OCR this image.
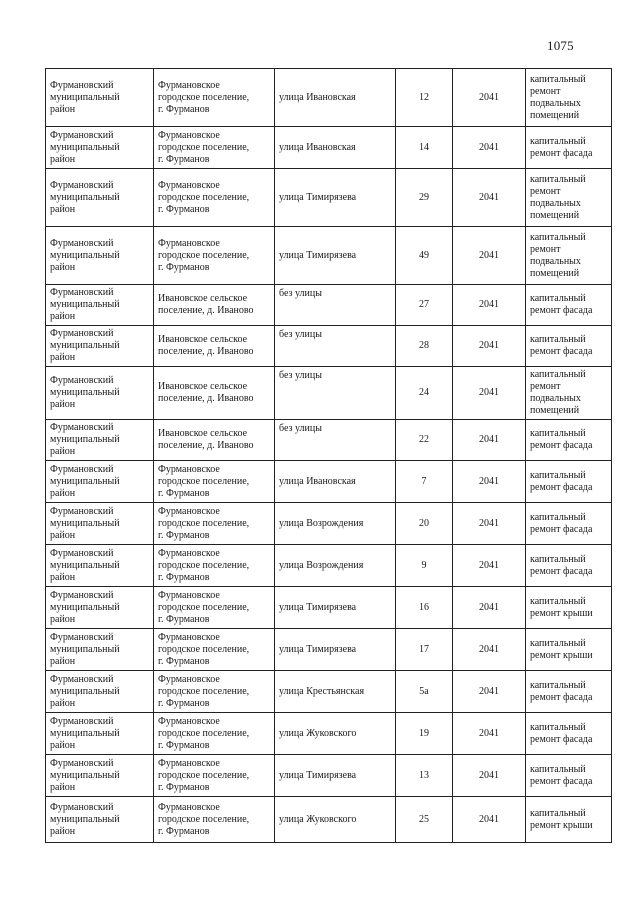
1075
Фурмановский
муниципальный
район	Фурмановское
городское поселение,
г. Фурманов	улица Ивановская	12	2041	капитальный
ремонт
подвальных
помещений

Фурмановский
муниципальный
район	Фурмановское
городское поселение,
г. Фурманов	улица Ивановская	14	2041	капитальный
ремонт фасада

Фурмановский
муниципальный
район	Фурмановское
городское поселение,
г. Фурманов	улица Тимирязева	29	2041	капитальный
ремонт
подвальных
помещений

Фурмановский
муниципальный
район	Фурмановское
городское поселение,
г. Фурманов	улица Тимирязева	49	2041	капитальный
ремонт
подвальных
помещений

Фурмановский
муниципальный
район	Ивановское сельское
поселение, д. Иваново	без улицы	27	2041	капитальный
ремонт фасада

Фурмановский
муниципальный
район	Ивановское сельское
поселение, д. Иваново	без улицы	28	2041	капитальный
ремонт фасада

Фурмановский
муниципальный
район	Ивановское сельское
поселение, д. Иваново	без улицы	24	2041	капитальный
ремонт
подвальных
помещений

Фурмановский
муниципальный
район	Ивановское сельское
поселение, д. Иваново	без улицы	22	2041	капитальный
ремонт фасада

Фурмановский
муниципальный
район	Фурмановское
городское поселение,
г. Фурманов	улица Ивановская	7	2041	капитальный
ремонт фасада

Фурмановский
муниципальный
район	Фурмановское
городское поселение,
г. Фурманов	улица Возрождения	20	2041	капитальный
ремонт фасада

Фурмановский
муниципальный
район	Фурмановское
городское поселение,
г. Фурманов	улица Возрождения	9	2041	капитальный
ремонт фасада

Фурмановский
муниципальный
район	Фурмановское
городское поселение,
г. Фурманов	улица Тимирязева	16	2041	капитальный
ремонт крыши

Фурмановский
муниципальный
район	Фурмановское
городское поселение,
г. Фурманов	улица Тимирязева	17	2041	капитальный
ремонт крыши

Фурмановский
муниципальный
район	Фурмановское
городское поселение,
г. Фурманов	улица Крестьянская	5а	2041	капитальный
ремонт фасада

Фурмановский
муниципальный
район	Фурмановское
городское поселение,
г. Фурманов	улица Жуковского	19	2041	капитальный
ремонт фасада

Фурмановский
муниципальный
район	Фурмановское
городское поселение,
г. Фурманов	улица Тимирязева	13	2041	капитальный
ремонт фасада

Фурмановский
муниципальный
район	Фурмановское
городское поселение,
г. Фурманов	улица Жуковского	25	2041	капитальный
ремонт крыши
